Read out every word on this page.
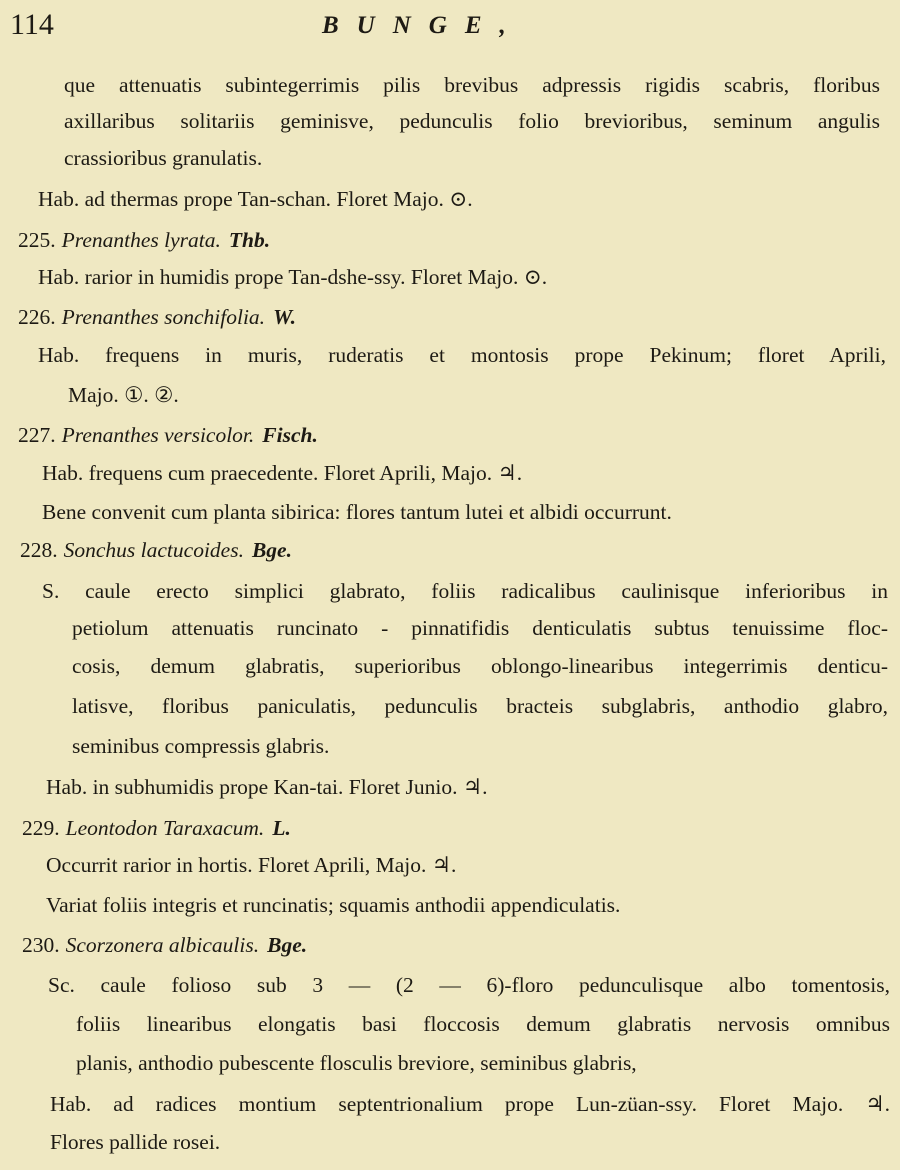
114	BUNGE,
que attenuatis subintegerrimis pilis brevibus adpressis rigidis scabris, floribus
axillaribus solitariis geminisve, pedunculis folio brevioribus, seminum angulis
crassioribus granulatis.
Hab. ad thermas prope Tan-schan. Floret Majo. ⊙.
225. Prenanthes lyrata. Thb.
Hab. rarior in humidis prope Tan-dshe-ssy. Floret Majo. ⊙.
226. Prenanthes sonchifolia. W.
Hab. frequens in muris, ruderatis et montosis prope Pekinum; floret Aprili,
Majo. ①. ②.
227. Prenanthes versicolor. Fisch.
Hab. frequens cum praecedente. Floret Aprili, Majo. ♃.
Bene convenit cum planta sibirica: flores tantum lutei et albidi occurrunt.
228. Sonchus lactucoides. Bge.
S. caule erecto simplici glabrato, foliis radicalibus caulinisque inferioribus in
petiolum attenuatis runcinato - pinnatifidis denticulatis subtus tenuissime floc-
cosis, demum glabratis, superioribus oblongo-linearibus integerrimis denticu-
latisve, floribus paniculatis, pedunculis bracteis subglabris, anthodio glabro,
seminibus compressis glabris.
Hab. in subhumidis prope Kan-tai. Floret Junio. ♃.
229. Leontodon Taraxacum. L.
Occurrit rarior in hortis. Floret Aprili, Majo. ♃.
Variat foliis integris et runcinatis; squamis anthodii appendiculatis.
230. Scorzonera albicaulis. Bge.
Sc. caule folioso sub 3 — (2 — 6)-floro pedunculisque albo tomentosis,
foliis linearibus elongatis basi floccosis demum glabratis nervosis omnibus
planis, anthodio pubescente flosculis breviore, seminibus glabris,
Hab. ad radices montium septentrionalium prope Lun-züan-ssy. Floret Majo. ♃.
Flores pallide rosei.
